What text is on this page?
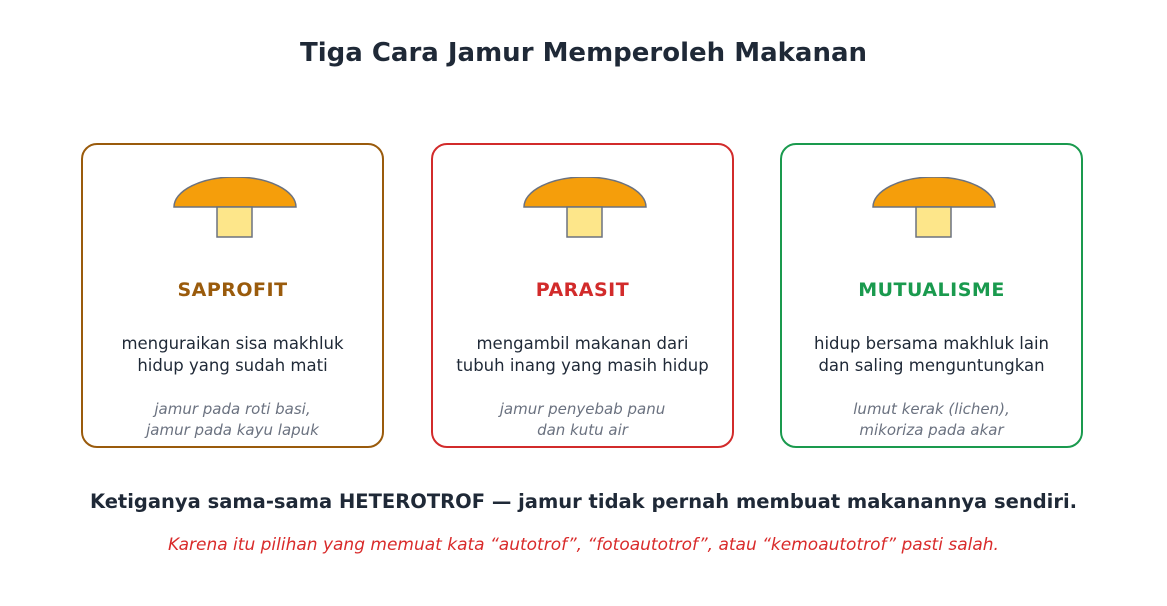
Tiga Cara Jamur Memperoleh Makanan
SAPROFIT
menguraikan sisa makhluk
hidup yang sudah mati
jamur pada roti basi,
jamur pada kayu lapuk
PARASIT
mengambil makanan dari
tubuh inang yang masih hidup
jamur penyebab panu
dan kutu air
MUTUALISME
hidup bersama makhluk lain
dan saling menguntungkan
lumut kerak (lichen),
mikoriza pada akar
Ketiganya sama-sama HETEROTROF — jamur tidak pernah membuat makanannya sendiri.
Karena itu pilihan yang memuat kata “autotrof”, “fotoautotrof”, atau “kemoautotrof” pasti salah.
